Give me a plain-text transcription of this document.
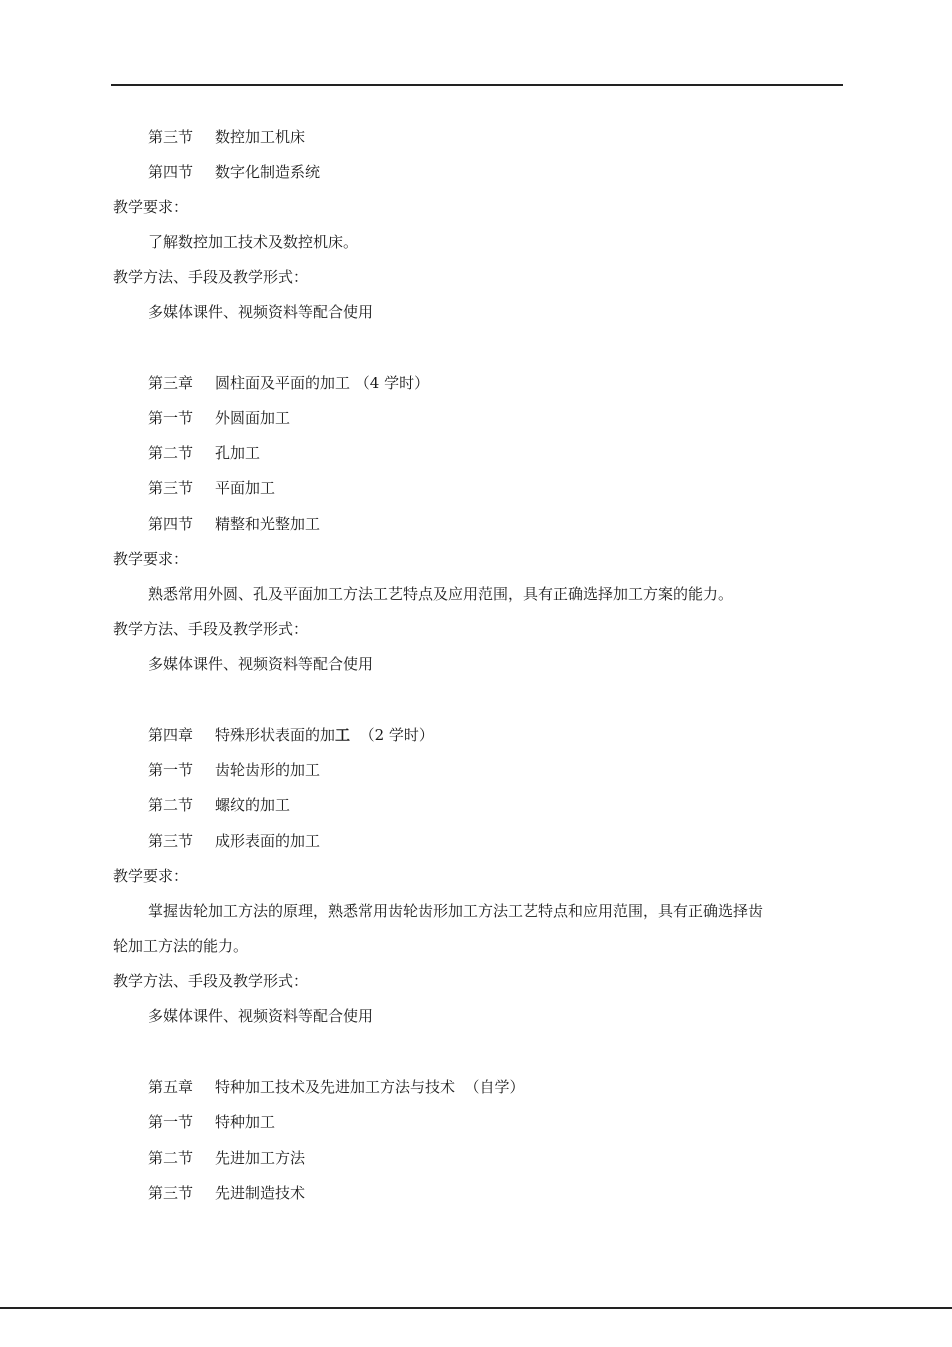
第三节 数控加工机床
第四节 数字化制造系统
教学要求：
了解数控加工技术及数控机床。
教学方法、手段及教学形式：
多媒体课件、视频资料等配合使用
第三章 圆柱面及平面的加工 （4 学时）
第一节 外圆面加工
第二节 孔加工
第三节 平面加工
第四节 精整和光整加工
教学要求：
熟悉常用外圆、孔及平面加工方法工艺特点及应用范围，具有正确选择加工方案的能力。
教学方法、手段及教学形式：
多媒体课件、视频资料等配合使用
第四章 特殊形状表面的加工  （2 学时）
第一节 齿轮齿形的加工
第二节 螺纹的加工
第三节 成形表面的加工
教学要求：
掌握齿轮加工方法的原理，熟悉常用齿轮齿形加工方法工艺特点和应用范围，具有正确选择齿
轮加工方法的能力。
教学方法、手段及教学形式：
多媒体课件、视频资料等配合使用
第五章 特种加工技术及先进加工方法与技术  （自学）
第一节 特种加工
第二节 先进加工方法
第三节 先进制造技术
